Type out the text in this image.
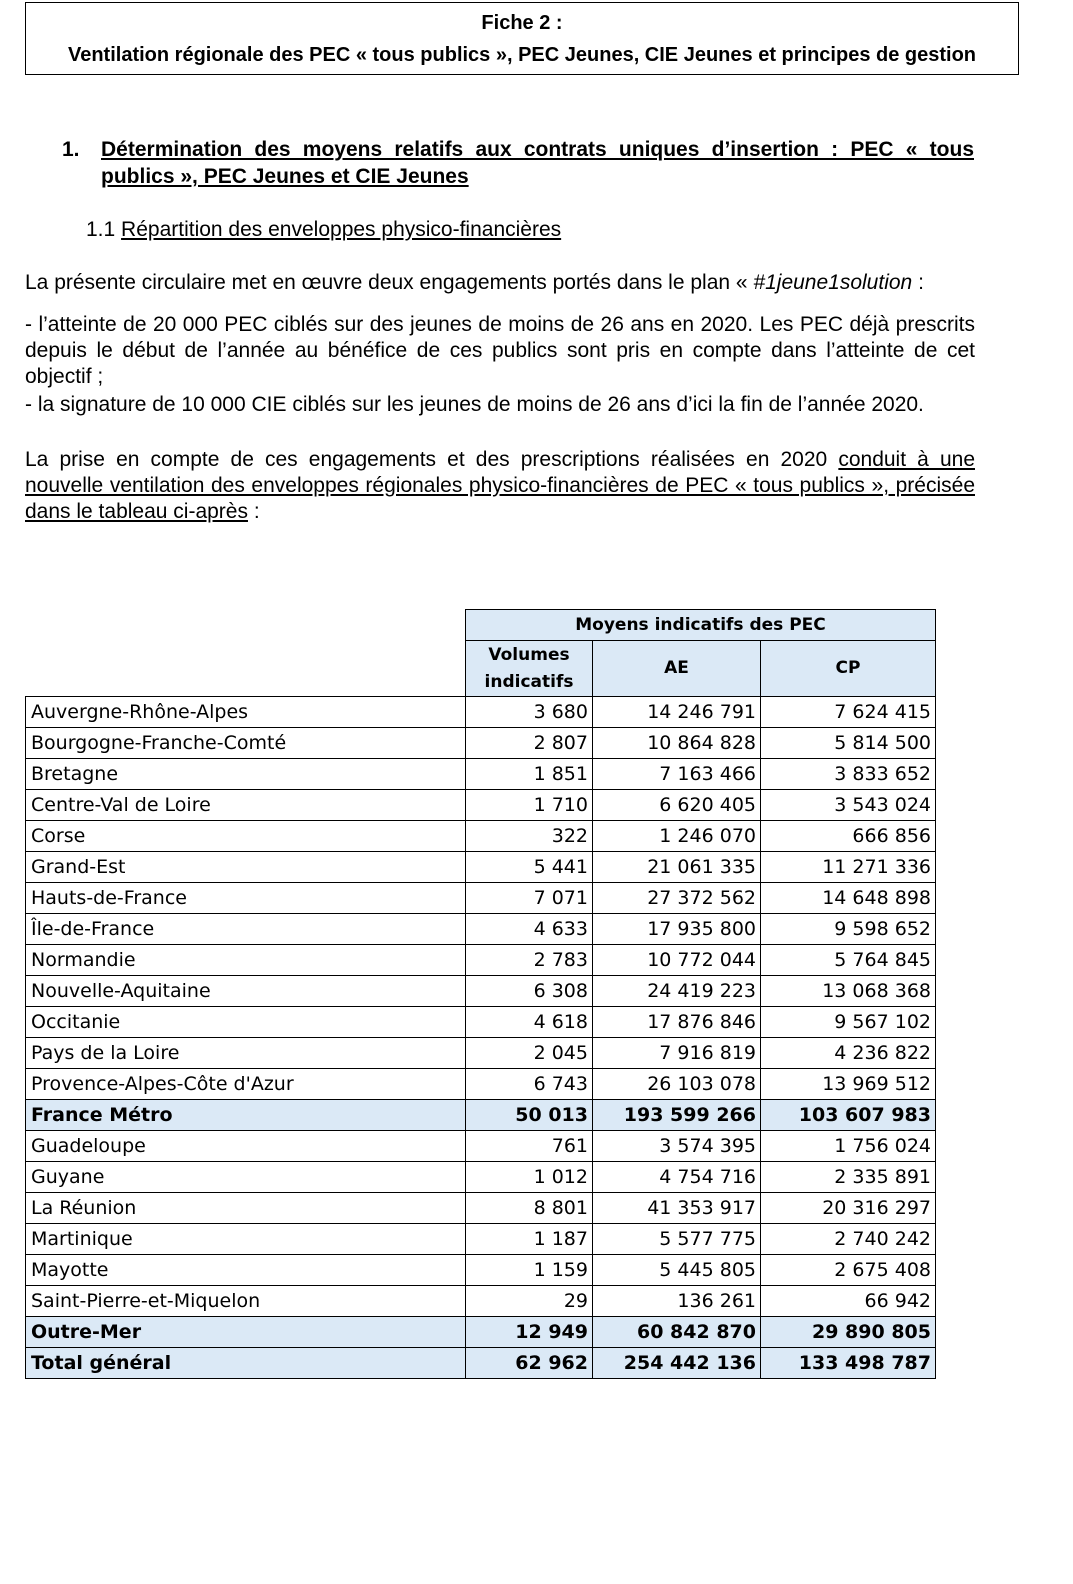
Fiche 2 :
Ventilation régionale des PEC « tous publics », PEC Jeunes, CIE Jeunes et principes de gestion
1. Détermination des moyens relatifs aux contrats uniques d’insertion : PEC « tous publics », PEC Jeunes et CIE Jeunes
1.1 Répartition des enveloppes physico-financières
La présente circulaire met en œuvre deux engagements portés dans le plan « #1jeune1solution :
- l’atteinte de 20 000 PEC ciblés sur des jeunes de moins de 26 ans en 2020. Les PEC déjà prescrits depuis le début de l’année au bénéfice de ces publics sont pris en compte dans l’atteinte de cet objectif ;
- la signature de 10 000 CIE ciblés sur les jeunes de moins de 26 ans d’ici la fin de l’année 2020.
La prise en compte de ces engagements et des prescriptions réalisées en 2020 conduit à une nouvelle ventilation des enveloppes régionales physico-financières de PEC « tous publics », précisée dans le tableau ci-après :
	Moyens indicatifs des PEC		
	Volumes indicatifs	AE	CP
Auvergne-Rhône-Alpes	3 680	14 246 791	7 624 415
Bourgogne-Franche-Comté	2 807	10 864 828	5 814 500
Bretagne	1 851	7 163 466	3 833 652
Centre-Val de Loire	1 710	6 620 405	3 543 024
Corse	322	1 246 070	666 856
Grand-Est	5 441	21 061 335	11 271 336
Hauts-de-France	7 071	27 372 562	14 648 898
Île-de-France	4 633	17 935 800	9 598 652
Normandie	2 783	10 772 044	5 764 845
Nouvelle-Aquitaine	6 308	24 419 223	13 068 368
Occitanie	4 618	17 876 846	9 567 102
Pays de la Loire	2 045	7 916 819	4 236 822
Provence-Alpes-Côte d'Azur	6 743	26 103 078	13 969 512
France Métro	50 013	193 599 266	103 607 983
Guadeloupe	761	3 574 395	1 756 024
Guyane	1 012	4 754 716	2 335 891
La Réunion	8 801	41 353 917	20 316 297
Martinique	1 187	5 577 775	2 740 242
Mayotte	1 159	5 445 805	2 675 408
Saint-Pierre-et-Miquelon	29	136 261	66 942
Outre-Mer	12 949	60 842 870	29 890 805
Total général	62 962	254 442 136	133 498 787
